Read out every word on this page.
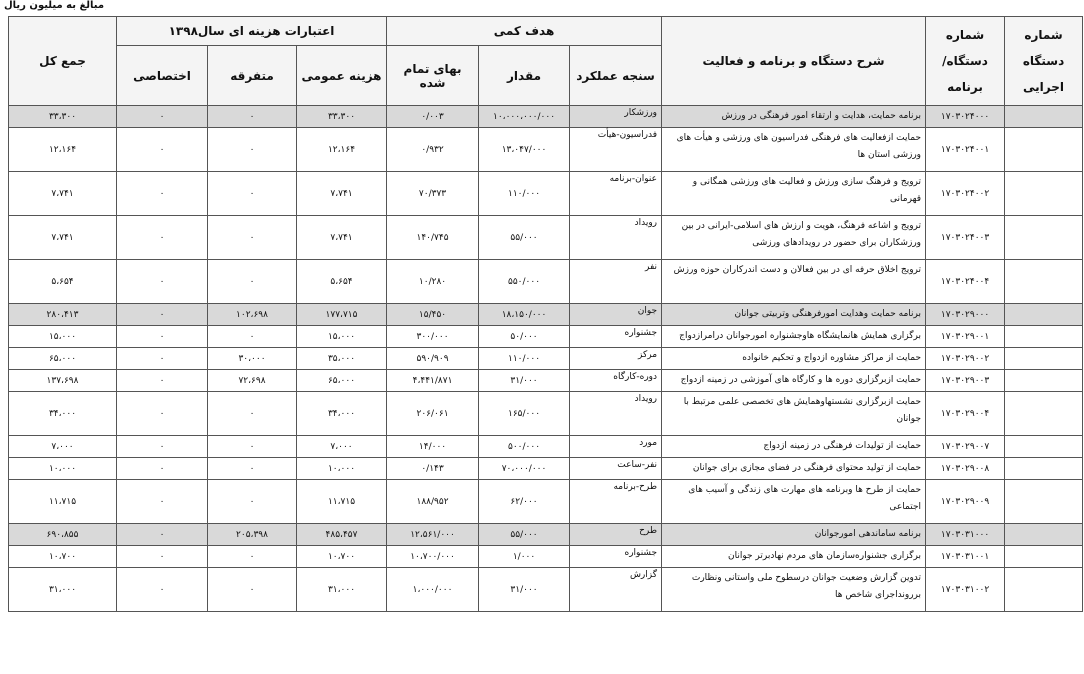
مبالغ به میلیون ریال
شماره دستگاه اجرایی	شماره دستگاه/ برنامه	شرح دستگاه و برنامه و فعالیت	هدف کمی			اعتبارات هزینه ای سال۱۳۹۸			جمع کل
			سنجه عملکرد	مقدار	بهای تمام شده	هزینه عمومی	متفرقه	اختصاصی	
	۱۷۰۳۰۲۴۰۰۰	برنامه حمایت، هدایت و ارتقاء امور فرهنگی در ورزش	ورزشکار	۱۰،۰۰۰،۰۰۰/۰۰۰	۰/۰۰۳	۳۳،۳۰۰	۰	۰	۳۳،۳۰۰
	۱۷۰۳۰۲۴۰۰۱	حمایت ازفعالیت های فرهنگی فدراسیون های ورزشی و هیأت های ورزشی استان ها	فدراسیون-هیأت	۱۳،۰۴۷/۰۰۰	۰/۹۳۲	۱۲،۱۶۴	۰	۰	۱۲،۱۶۴
	۱۷۰۳۰۲۴۰۰۲	ترویج و فرهنگ سازی ورزش و فعالیت های ورزشی همگانی و قهرمانی	عنوان-برنامه	۱۱۰/۰۰۰	۷۰/۳۷۳	۷،۷۴۱	۰	۰	۷،۷۴۱
	۱۷۰۳۰۲۴۰۰۳	ترویج و اشاعه فرهنگ، هویت و ارزش های اسلامی-ایرانی در بین ورزشکاران برای حضور در رویدادهای ورزشی	رویداد	۵۵/۰۰۰	۱۴۰/۷۴۵	۷،۷۴۱	۰	۰	۷،۷۴۱
	۱۷۰۳۰۲۴۰۰۴	ترویج اخلاق حرفه ای در بین فعالان و دست اندرکاران حوزه ورزش	نفر	۵۵۰/۰۰۰	۱۰/۲۸۰	۵،۶۵۴	۰	۰	۵،۶۵۴
	۱۷۰۳۰۲۹۰۰۰	برنامه حمایت وهدایت امورفرهنگی وتربیتی جوانان	جوان	۱۸،۱۵۰/۰۰۰	۱۵/۴۵۰	۱۷۷،۷۱۵	۱۰۲،۶۹۸	۰	۲۸۰،۴۱۳
	۱۷۰۳۰۲۹۰۰۱	برگزاری همایش هانمایشگاه هاوجشنواره امورجوانان درامرازدواج	جشنواره	۵۰/۰۰۰	۳۰۰/۰۰۰	۱۵،۰۰۰	۰	۰	۱۵،۰۰۰
	۱۷۰۳۰۲۹۰۰۲	حمایت از مراکز مشاوره ازدواج و تحکیم خانواده	مرکز	۱۱۰/۰۰۰	۵۹۰/۹۰۹	۳۵،۰۰۰	۳۰،۰۰۰	۰	۶۵،۰۰۰
	۱۷۰۳۰۲۹۰۰۳	حمایت ازبرگزاری دوره ها و کارگاه های آموزشی در زمینه ازدواج	دوره-کارگاه	۳۱/۰۰۰	۴،۴۴۱/۸۷۱	۶۵،۰۰۰	۷۲،۶۹۸	۰	۱۳۷،۶۹۸
	۱۷۰۳۰۲۹۰۰۴	حمایت ازبرگزاری نشستهاوهمایش های تخصصی علمی مرتبط با جوانان	رویداد	۱۶۵/۰۰۰	۲۰۶/۰۶۱	۳۴،۰۰۰	۰	۰	۳۴،۰۰۰
	۱۷۰۳۰۲۹۰۰۷	حمایت از تولیدات فرهنگی در زمینه ازدواج	مورد	۵۰۰/۰۰۰	۱۴/۰۰۰	۷،۰۰۰	۰	۰	۷،۰۰۰
	۱۷۰۳۰۲۹۰۰۸	حمایت از تولید محتوای فرهنگی در فضای مجازی برای جوانان	نفر-ساعت	۷۰،۰۰۰/۰۰۰	۰/۱۴۳	۱۰،۰۰۰	۰	۰	۱۰،۰۰۰
	۱۷۰۳۰۲۹۰۰۹	حمایت از طرح ها وبرنامه های مهارت های زندگی و آسیب های اجتماعی	طرح-برنامه	۶۲/۰۰۰	۱۸۸/۹۵۲	۱۱،۷۱۵	۰	۰	۱۱،۷۱۵
	۱۷۰۳۰۳۱۰۰۰	برنامه ساماندهی امورجوانان	طرح	۵۵/۰۰۰	۱۲،۵۶۱/۰۰۰	۴۸۵،۴۵۷	۲۰۵،۳۹۸	۰	۶۹۰،۸۵۵
	۱۷۰۳۰۳۱۰۰۱	برگزاری جشنواره‌سازمان های مردم نهادبرتر جوانان	جشنواره	۱/۰۰۰	۱۰،۷۰۰/۰۰۰	۱۰،۷۰۰	۰	۰	۱۰،۷۰۰
	۱۷۰۳۰۳۱۰۰۲	تدوین گزارش وضعیت جوانان درسطوح ملی واستانی ونظارت بررونداجرای شاخص ها	گزارش	۳۱/۰۰۰	۱،۰۰۰/۰۰۰	۳۱،۰۰۰	۰	۰	۳۱،۰۰۰
